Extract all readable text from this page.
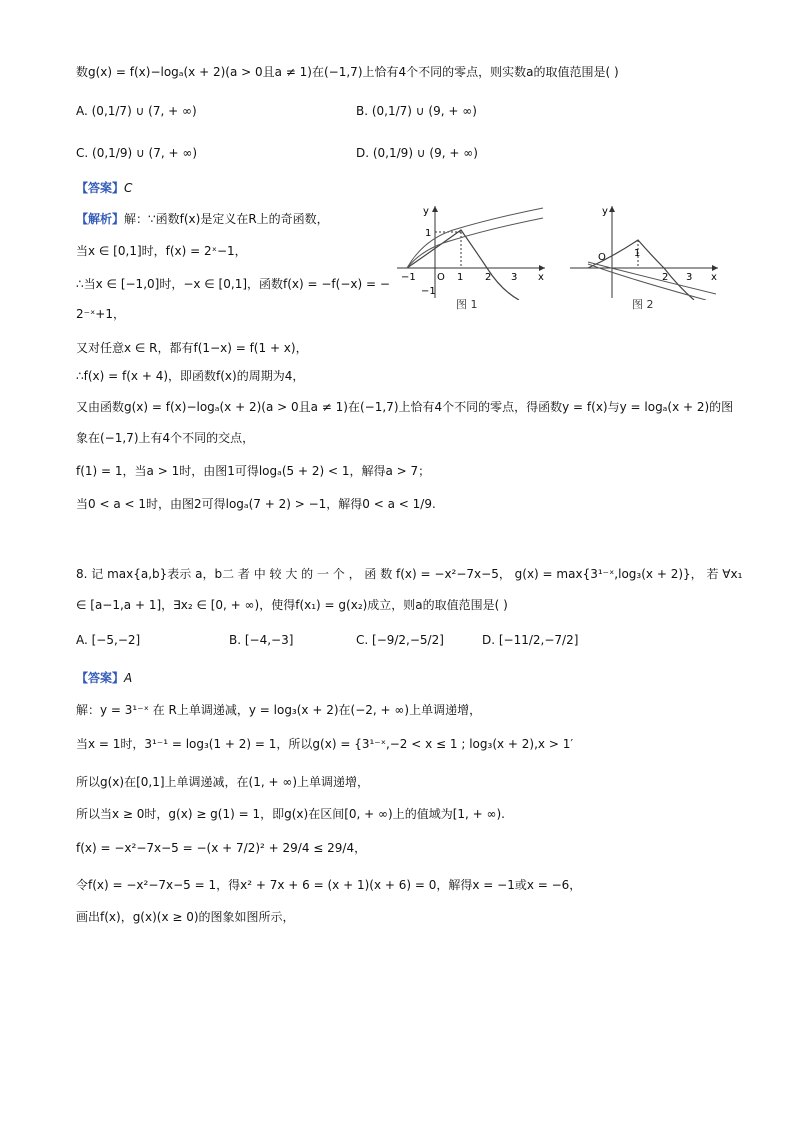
数g(x) = f(x)−logₐ(x + 2)(a > 0且a ≠ 1)在(−1,7)上恰有4个不同的零点，则实数a的取值范围是( )
A. (0,1/7) ∪ (7, + ∞)	B. (0,1/7) ∪ (9, + ∞)
C. (0,1/9) ∪ (7, + ∞)	D. (0,1/9) ∪ (9, + ∞)
【答案】C
【解析】解：∵函数f(x)是定义在R上的奇函数，
当x ∈ [0,1]时，f(x) = 2ˣ−1，
∴当x ∈ [−1,0]时，−x ∈ [0,1]，函数f(x) = −f(−x) = −
2⁻ˣ+1，
又对任意x ∈ R，都有f(1−x) = f(1 + x)，
∴f(x) = f(x + 4)，即函数f(x)的周期为4，
又由函数g(x) = f(x)−logₐ(x + 2)(a > 0且a ≠ 1)在(−1,7)上恰有4个不同的零点，得函数y = f(x)与y = logₐ(x + 2)的图
象在(−1,7)上有4个不同的交点，
f(1) = 1，当a > 1时，由图1可得logₐ(5 + 2) < 1，解得a > 7；
当0 < a < 1时，由图2可得logₐ(7 + 2) > −1，解得0 < a < 1/9.
y
x
O
−1	1 2 3
1
−1
图 1
y
x
O	1
2 3
图 2
8. 记 max{a,b}表示 a，b二 者 中 较 大 的 一 个 ， 函 数 f(x) = −x²−7x−5， g(x) = max{3¹⁻ˣ,log₃(x + 2)}， 若 ∀x₁
∈ [a−1,a + 1]，∃x₂ ∈ [0, + ∞)，使得f(x₁) = g(x₂)成立，则a的取值范围是( )
A. [−5,−2]	B. [−4,−3]	C. [−9/2,−5/2]	D. [−11/2,−7/2]
【答案】A
解：y = 3¹⁻ˣ 在 R上单调递减，y = log₃(x + 2)在(−2, + ∞)上单调递增，
当x = 1时，3¹⁻¹ = log₃(1 + 2) = 1，所以g(x) = {3¹⁻ˣ,−2 < x ≤ 1 ; log₃(x + 2),x > 1′
所以g(x)在[0,1]上单调递减，在(1, + ∞)上单调递增，
所以当x ≥ 0时，g(x) ≥ g(1) = 1，即g(x)在区间[0, + ∞)上的值域为[1, + ∞).
f(x) = −x²−7x−5 = −(x + 7/2)² + 29/4 ≤ 29/4，
令f(x) = −x²−7x−5 = 1，得x² + 7x + 6 = (x + 1)(x + 6) = 0，解得x = −1或x = −6，
画出f(x)，g(x)(x ≥ 0)的图象如图所示，
